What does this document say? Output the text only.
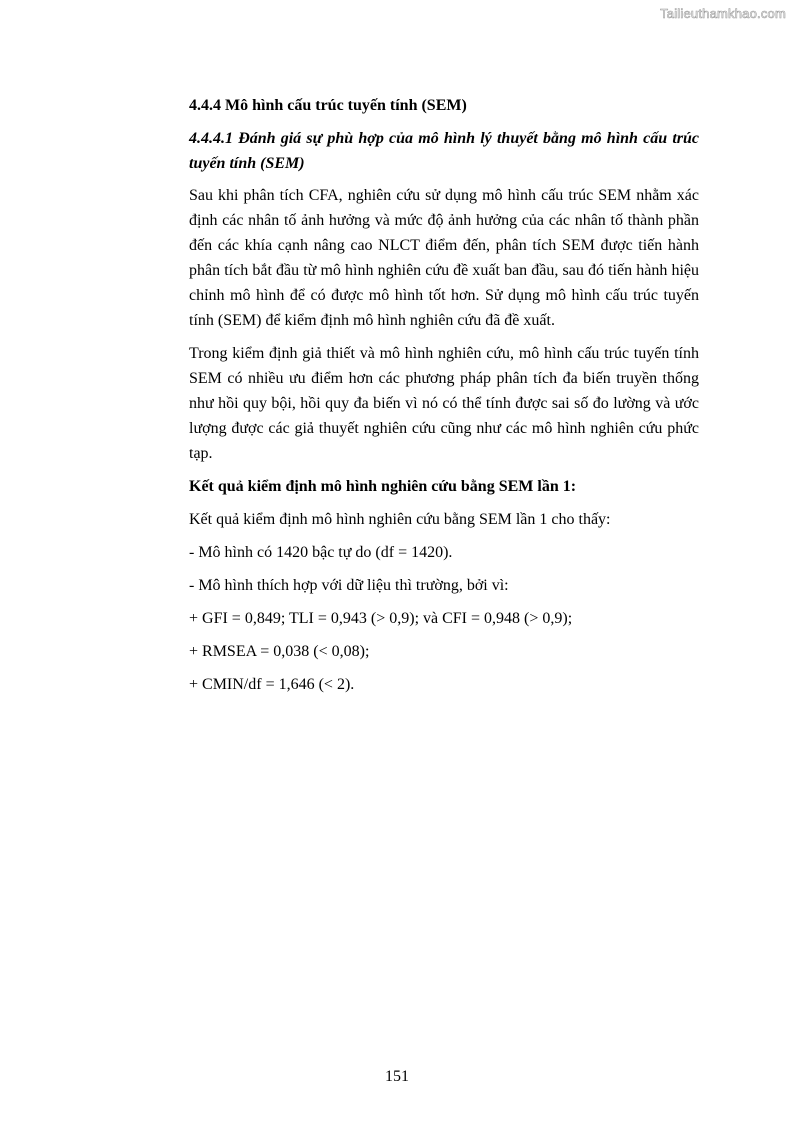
Tailieuthamkhao.com
4.4.4 Mô hình cấu trúc tuyến tính (SEM)
4.4.4.1 Đánh giá sự phù hợp của mô hình lý thuyết bằng mô hình cấu trúc tuyến tính (SEM)
Sau khi phân tích CFA, nghiên cứu sử dụng mô hình cấu trúc SEM nhằm xác định các nhân tố ảnh hưởng và mức độ ảnh hưởng của các nhân tố thành phần đến các khía cạnh nâng cao NLCT điểm đến, phân tích SEM được tiến hành phân tích bắt đầu từ mô hình nghiên cứu đề xuất ban đầu, sau đó tiến hành hiệu chỉnh mô hình để có được mô hình tốt hơn. Sử dụng mô hình cấu trúc tuyến tính (SEM) để kiểm định mô hình nghiên cứu đã đề xuất.
Trong kiểm định giả thiết và mô hình nghiên cứu, mô hình cấu trúc tuyến tính SEM có nhiều ưu điểm hơn các phương pháp phân tích đa biến truyền thống như hồi quy bội, hồi quy đa biến vì nó có thể tính được sai số đo lường và ước lượng được các giả thuyết nghiên cứu cũng như các mô hình nghiên cứu phức tạp.
Kết quả kiểm định mô hình nghiên cứu bằng SEM lần 1:
Kết quả kiểm định mô hình nghiên cứu bằng SEM lần 1 cho thấy:
- Mô hình có 1420 bậc tự do (df = 1420).
- Mô hình thích hợp với dữ liệu thì trường, bởi vì:
+ GFI = 0,849; TLI = 0,943 (> 0,9); và CFI = 0,948 (> 0,9);
+ RMSEA = 0,038 (< 0,08);
+ CMIN/df = 1,646 (< 2).
151
